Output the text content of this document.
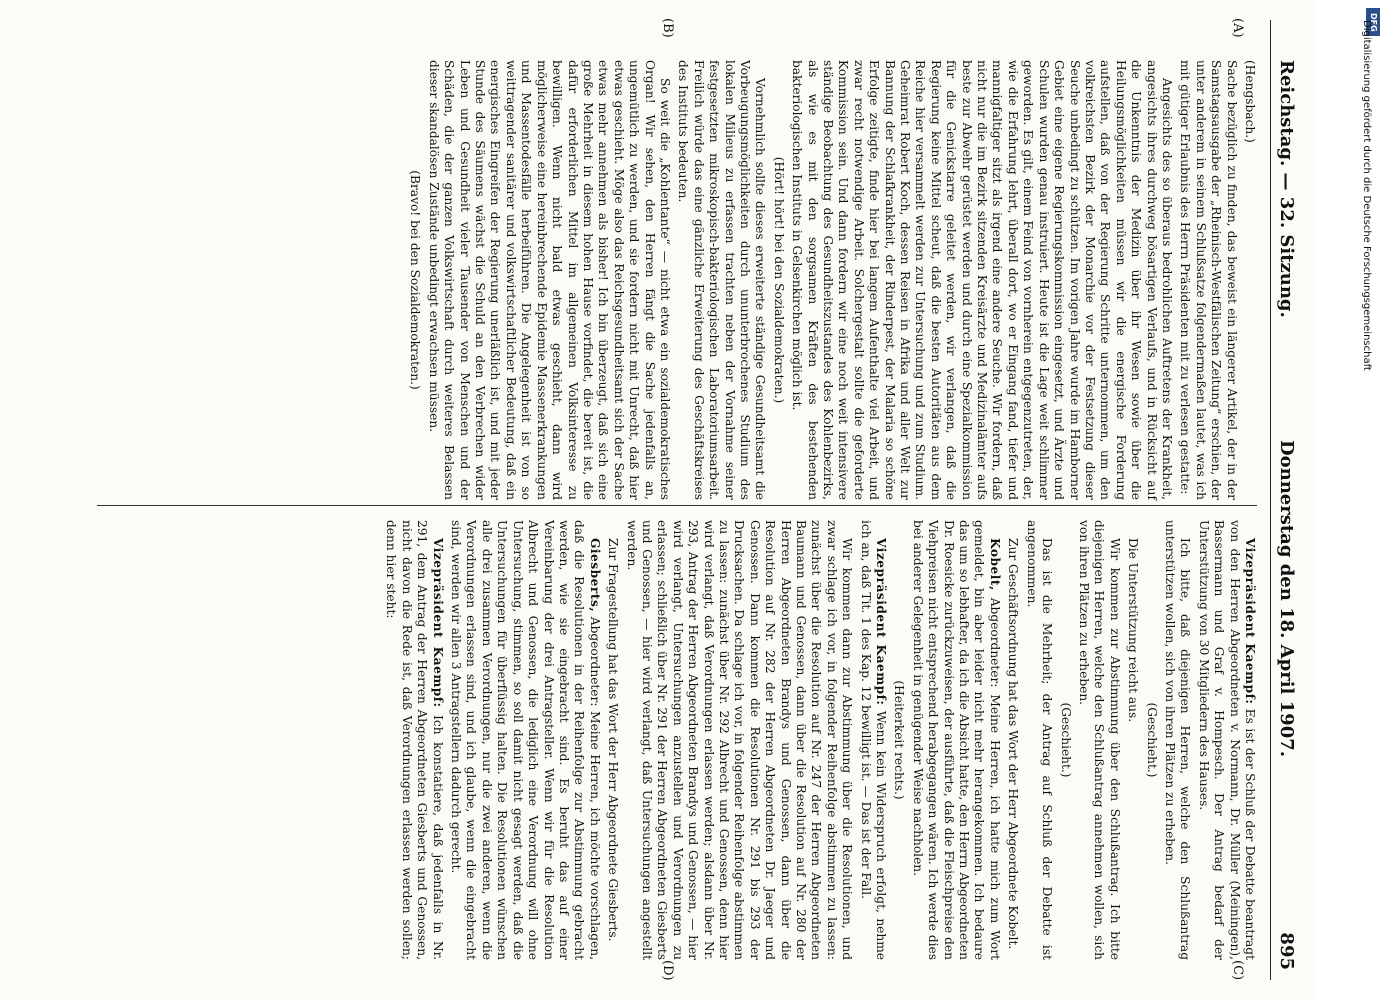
Reichstag. — 32. Sitzung.
Donnerstag den 18. April 1907.
895
(A)
(B)
(C)
(D)

(Hengsbach.)

Sache bezüglich zu finden, das beweist ein längerer Artikel, der in der Samstagsausgabe der „Rheinisch-Westfälischen Zeitung“ erschien, der unter anderem in seinem Schlußsatze folgendermaßen lautet, was ich mit gütiger Erlaubnis des Herrn Präsidenten mit zu verlesen gestatte:

Angesichts des so überaus bedrohlichen Auftretens der Krankheit, angesichts ihres durchweg bösartigen Verlaufs, und in Rücksicht auf die Unkenntnis der Medizin über ihr Wesen sowie über die Heilungsmöglichkeiten müssen wir die energische Forderung aufstellen, daß von der Regierung Schritte unternommen, um den volkreichsten Bezirk der Monarchie vor der Festsetzung dieser Seuche unbedingt zu schützen. Im vorigen Jahre wurde im Hamborner Gebiet eine eigene Regierungskommission eingesetzt, und Ärzte und Schulen wurden genau instruiert. Heute ist die Lage weit schlimmer geworden. Es gilt, einem Feind von vornherein entgegenzutreten, der, wie die Erfahrung lehrt, überall dort, wo er Eingang fand, tiefer und mannigfaltiger sitzt als irgend eine andere Seuche. Wir fordern, daß nicht nur die im Bezirk sitzenden Kreisärzte und Medizinalämter aufs beste zur Abwehr gerüstet werden und durch eine Spezialkommission für die Genickstarre geleitet werden, wir verlangen, daß die Regierung keine Mittel scheut, daß die besten Autoritäten aus dem Reiche hier versammelt werden zur Untersuchung und zum Studium. Geheimrat Robert Koch, dessen Reisen in Afrika und aller Welt zur Bannung der Schlafkrankheit, der Rinderpest, der Malaria so schöne Erfolge zeitigte, finde hier bei langem Aufenthalte viel Arbeit, und zwar recht notwendige Arbeit. Solchergestalt sollte die geforderte Kommission sein. Und dann fordern wir eine noch weit intensivere ständige Beobachtung des Gesundheitszustandes des Kohlenbezirks, als wie es mit den sorgsamen Kräften des bestehenden bakteriologischen Instituts in Gelsenkirchen möglich ist.

(Hört! hört! bei den Sozialdemokraten.)

Vornehmlich sollte dieses erweiterte ständige Gesundheitsamt die Vorbeugungsmöglichkeiten durch ununterbrochenes Studium des lokalen Milieus zu erfassen trachten neben der Vornahme seiner festgesetzten mikroskopisch-bakteriologischen Laboratoriumsarbeit. Freilich würde das eine gänzliche Erweiterung des Geschäftskreises des Instituts bedeuten.

So weit die „Kohlentante“ — nicht etwa ein sozialdemokratisches Organ! Wir sehen, den Herren fängt die Sache jedenfalls an, ungemütlich zu werden, und sie fordern nicht mit Unrecht, daß hier etwas geschieht. Möge also das Reichsgesundheitsamt sich der Sache etwas mehr annehmen als bisher! Ich bin überzeugt, daß sich eine große Mehrheit in diesem hohen Hause vorfindet, die bereit ist, die dafür erforderlichen Mittel im allgemeinen Volksinteresse zu bewilligen. Wenn nicht bald etwas geschieht, dann wird möglicherweise eine hereinbrechende Epidemie Massenerkrankungen und Massentodesfälle herbeiführen. Die Angelegenheit ist von so weittragender sanitärer und volkswirtschaftlicher Bedeutung, daß ein energisches Eingreifen der Regierung unerläßlich ist, und mit jeder Stunde des Säumens wächst die Schuld an den Verbrechen wider Leben und Gesundheit vieler Tausender von Menschen und der Schäden, die der ganzen Volkswirtschaft durch weiteres Belassen dieser skandalösen Zustände unbedingt erwachsen müssen.

(Bravo! bei den Sozialdemokraten.)

Vizepräsident Kaempf: Es ist der Schluß der Debatte beantragt von den Herren Abgeordneten v. Normann, Dr. Müller (Meiningen), Bassermann und Graf v. Hompesch. Der Antrag bedarf der Unterstützung von 30 Mitgliedern des Hauses.

Ich bitte, daß diejenigen Herren, welche den Schlußantrag unterstützen wollen, sich von ihren Plätzen zu erheben.

(Geschieht.)

Die Unterstützung reicht aus.

Wir kommen zur Abstimmung über den Schlußantrag. Ich bitte diejenigen Herren, welche den Schlußantrag annehmen wollen, sich von ihren Plätzen zu erheben.

(Geschieht.)

Das ist die Mehrheit; der Antrag auf Schluß der Debatte ist angenommen.

Zur Geschäftsordnung hat das Wort der Herr Abgeordnete Kobelt.

Kobelt, Abgeordneter: Meine Herren, ich hatte mich zum Wort gemeldet, bin aber leider nicht mehr herangekommen. Ich bedaure das um so lebhafter, da ich die Absicht hatte, den Herrn Abgeordneten Dr. Roesicke zurückzuweisen, der ausführte, daß die Fleischpreise den Viehpreisen nicht entsprechend herabgegangen wären. Ich werde dies bei anderer Gelegenheit in genügender Weise nachholen.

(Heiterkeit rechts.)

Vizepräsident Kaempf: Wenn kein Widerspruch erfolgt, nehme ich an, daß Tit. 1 des Kap. 12 bewilligt ist. — Das ist der Fall.

Wir kommen dann zur Abstimmung über die Resolutionen, und zwar schlage ich vor, in folgender Reihenfolge abstimmen zu lassen: zunächst über die Resolution auf Nr. 247 der Herren Abgeordneten Baumann und Genossen, dann über die Resolution auf Nr. 280 der Herren Abgeordneten Brandys und Genossen, dann über die Resolution auf Nr. 282 der Herren Abgeordneten Dr. Jaeger und Genossen. Dann kommen die Resolutionen Nr. 291 bis 293 der Drucksachen. Da schlage ich vor, in folgender Reihenfolge abstimmen zu lassen: zunächst über Nr. 292 Albrecht und Genossen, denn hier wird verlangt, daß Verordnungen erlassen werden; alsdann über Nr. 293, Antrag der Herren Abgeordneten Brandys und Genossen, — hier wird verlangt, Untersuchungen anzustellen und Verordnungen zu erlassen; schließlich über Nr. 291 der Herren Abgeordneten Giesberts und Genossen, — hier wird verlangt, daß Untersuchungen angestellt werden.

Zur Fragestellung hat das Wort der Herr Abgeordnete Giesberts.

Giesberts, Abgeordneter: Meine Herren, ich möchte vorschlagen, daß die Resolutionen in der Reihenfolge zur Abstimmung gebracht werden, wie sie eingebracht sind. Es beruht das auf einer Vereinbarung der drei Antragsteller. Wenn wir für die Resolution Albrecht und Genossen, die lediglich eine Verordnung will ohne Untersuchung, stimmen, so soll damit nicht gesagt werden, daß die Untersuchungen für überflüssig halten. Die Resolutionen wünschen alle drei zusammen Verordnungen, nur die zwei anderen, wenn die Verordnungen erlassen sind, und ich glaube, wenn die eingebracht sind, werden wir allen 3 Antragstellern dadurch gerecht.

Vizepräsident Kaempf: Ich konstatiere, daß jedenfalls in Nr. 291, dem Antrag der Herren Abgeordneten Giesberts und Genossen, nicht davon die Rede ist, daß Verordnungen erlassen werden sollen; denn hier steht:

DFG
Digitalisierung gefördert durch die Deutsche Forschungsgemeinschaft
